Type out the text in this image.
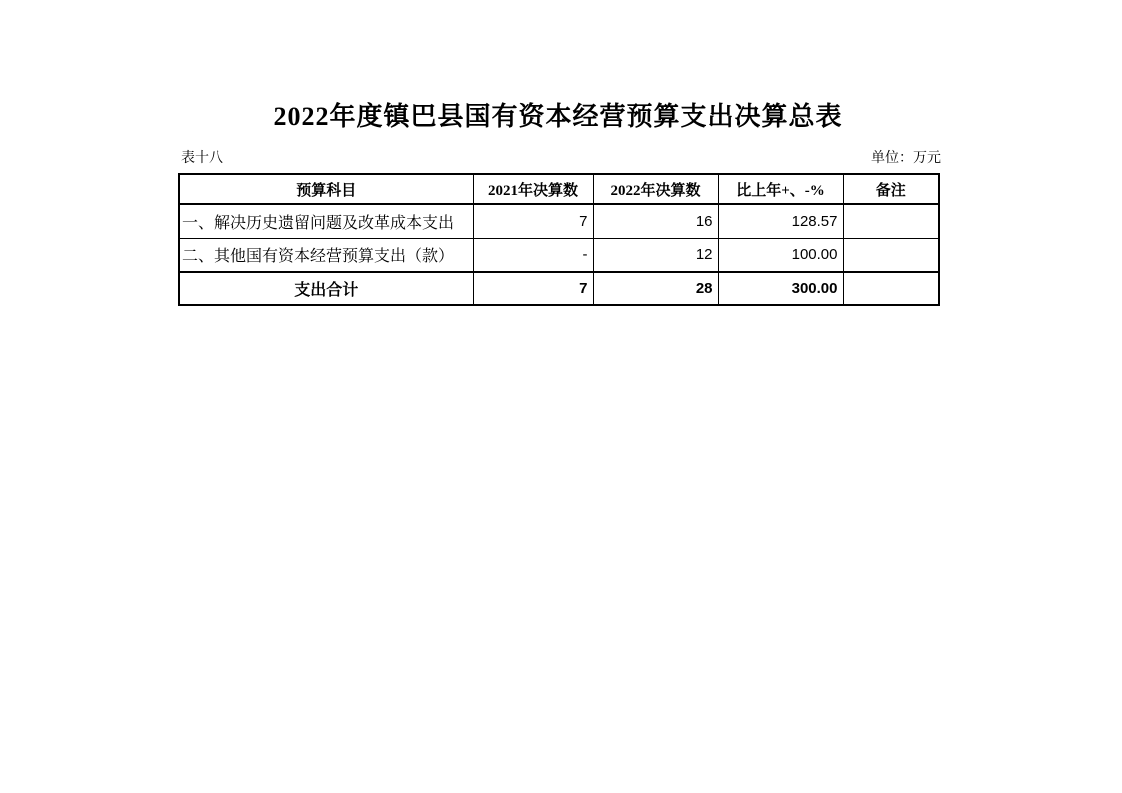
2022年度镇巴县国有资本经营预算支出决算总表
表十八	单位：万元
预算科目	2021年决算数	2022年决算数	比上年+、-%	备注
一、解决历史遗留问题及改革成本支出	7	16	128.57	
二、其他国有资本经营预算支出（款）	-	12	100.00	
支出合计	7	28	300.00	
